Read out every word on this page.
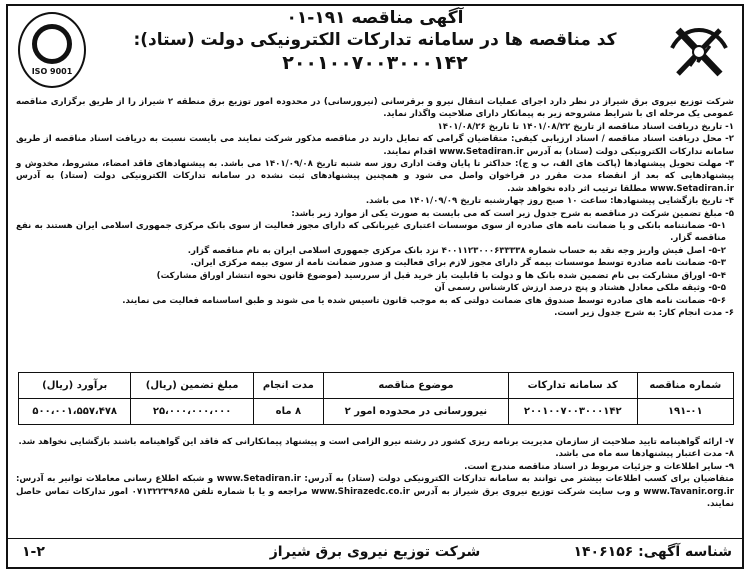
ISO 9001
آگهی مناقصه ۱۹۱-۰۱
کد مناقصه ها در سامانه تدارکات الکترونیکی دولت (ستاد):
۲۰۰۱۰۰۷۰۰۳۰۰۰۱۴۲

شرکت توزیع نیروی برق شیراز در نظر دارد اجرای عملیات انتقال نیرو و برقرسانی (نیرورسانی) در محدوده امور توزیع برق منطقه ۲ شیراز را از طریق برگزاری مناقصه عمومی یک مرحله ای با شرایط مشروحه زیر به پیمانکار دارای صلاحیت واگذار نماید.

۱- تاریخ دریافت اسناد مناقصه از تاریخ ۱۴۰۱/۰۸/۲۲ تا تاریخ ۱۴۰۱/۰۸/۲۶

۲- محل دریافت اسناد مناقصه / اسناد ارزیابی کیفی: متقاضیان گرامی که تمایل دارند در مناقصه مذکور شرکت نمایند می بایست نسبت به دریافت اسناد مناقصه از طریق سامانه تدارکات الکترونیکی دولت (ستاد) به آدرس www.Setadiran.ir اقدام نمایند.

۳- مهلت تحویل پیشنهادها (پاکت های الف، ب و ج): حداکثر تا پایان وقت اداری روز سه شنبه تاریخ ۱۴۰۱/۰۹/۰۸ می باشد. به پیشنهادهای فاقد امضاء، مشروط، مخدوش و پیشنهادهایی که بعد از انقضاء مدت مقرر در فراخوان واصل می شود و همچنین پیشنهادهای ثبت نشده در سامانه تدارکات الکترونیکی دولت (ستاد) به آدرس www.Setadiran.ir مطلقا ترتیب اثر داده نخواهد شد.

۴- تاریخ بازگشایی پیشنهادها: ساعت ۱۰ صبح روز چهارشنبه تاریخ ۱۴۰۱/۰۹/۰۹ می باشد.

۵- مبلغ تضمین شرکت در مناقصه به شرح جدول زیر است که می بایست به صورت یکی از موارد زیر باشد:

۵-۱- ضمانتنامه بانکی و یا ضمانت نامه های صادره از سوی موسسات اعتباری غیربانکی که دارای مجوز فعالیت از سوی بانک مرکزی جمهوری اسلامی ایران هستند به نفع مناقصه گزار.

۵-۲- اصل فیش واریز وجه نقد به حساب شماره ۴۰۰۱۱۲۳۰۰۰۶۳۳۳۳۸ نزد بانک مرکزی جمهوری اسلامی ایران به نام مناقصه گزار.

۵-۳- ضمانت نامه صادره توسط موسسات بیمه گر دارای مجوز لازم برای فعالیت و صدور ضمانت نامه از سوی بیمه مرکزی ایران.

۵-۴- اوراق مشارکت بی نام تضمین شده بانک ها و دولت با قابلیت باز خرید قبل از سررسید (موضوع قانون نحوه انتشار اوراق مشارکت)

۵-۵- وثیقه ملکی معادل هشتاد و پنج درصد ارزش کارشناس رسمی آن

۵-۶- ضمانت نامه های صادره توسط صندوق های ضمانت دولتی که به موجب قانون تاسیس شده یا می شوند و طبق اساسنامه فعالیت می نمایند.

۶- مدت انجام کار: به شرح جدول زیر است.

شماره مناقصه	کد سامانه تدارکات	موضوع مناقصه	مدت انجام	مبلغ تضمین (ریال)	برآورد (ریال)
۱۹۱-۰۱	۲۰۰۱۰۰۷۰۰۳۰۰۰۱۴۲	نیرورسانی در محدوده امور ۲	۸ ماه	۲۵،۰۰۰،۰۰۰،۰۰۰	۵۰۰،۰۰۱،۵۵۷،۴۷۸

۷- ارائه گواهینامه تایید صلاحیت از سازمان مدیریت برنامه ریزی کشور در رشته نیرو الزامی است و پیشنهاد پیمانکارانی که فاقد این گواهینامه باشند بازگشایی نخواهد شد.

۸- مدت اعتبار پیشنهادها سه ماه می باشد.

۹- سایر اطلاعات و جزئیات مربوط در اسناد مناقصه مندرج است.

متقاضیان برای کسب اطلاعات بیشتر می توانند به سامانه تدارکات الکترونیکی دولت (ستاد) به آدرس: www.Setadiran.ir و شبکه اطلاع رسانی معاملات توانیر به آدرس: www.Tavanir.org.ir و وب سایت شرکت توزیع نیروی برق شیراز به آدرس www.Shirazedc.co.ir مراجعه و یا با شماره تلفن ۰۷۱۳۲۲۳۹۶۸۵ امور تدارکات تماس حاصل نمایند.

شناسه آگهی: ۱۴۰۶۱۵۶
شرکت توزیع نیروی برق شیراز
۱-۲
